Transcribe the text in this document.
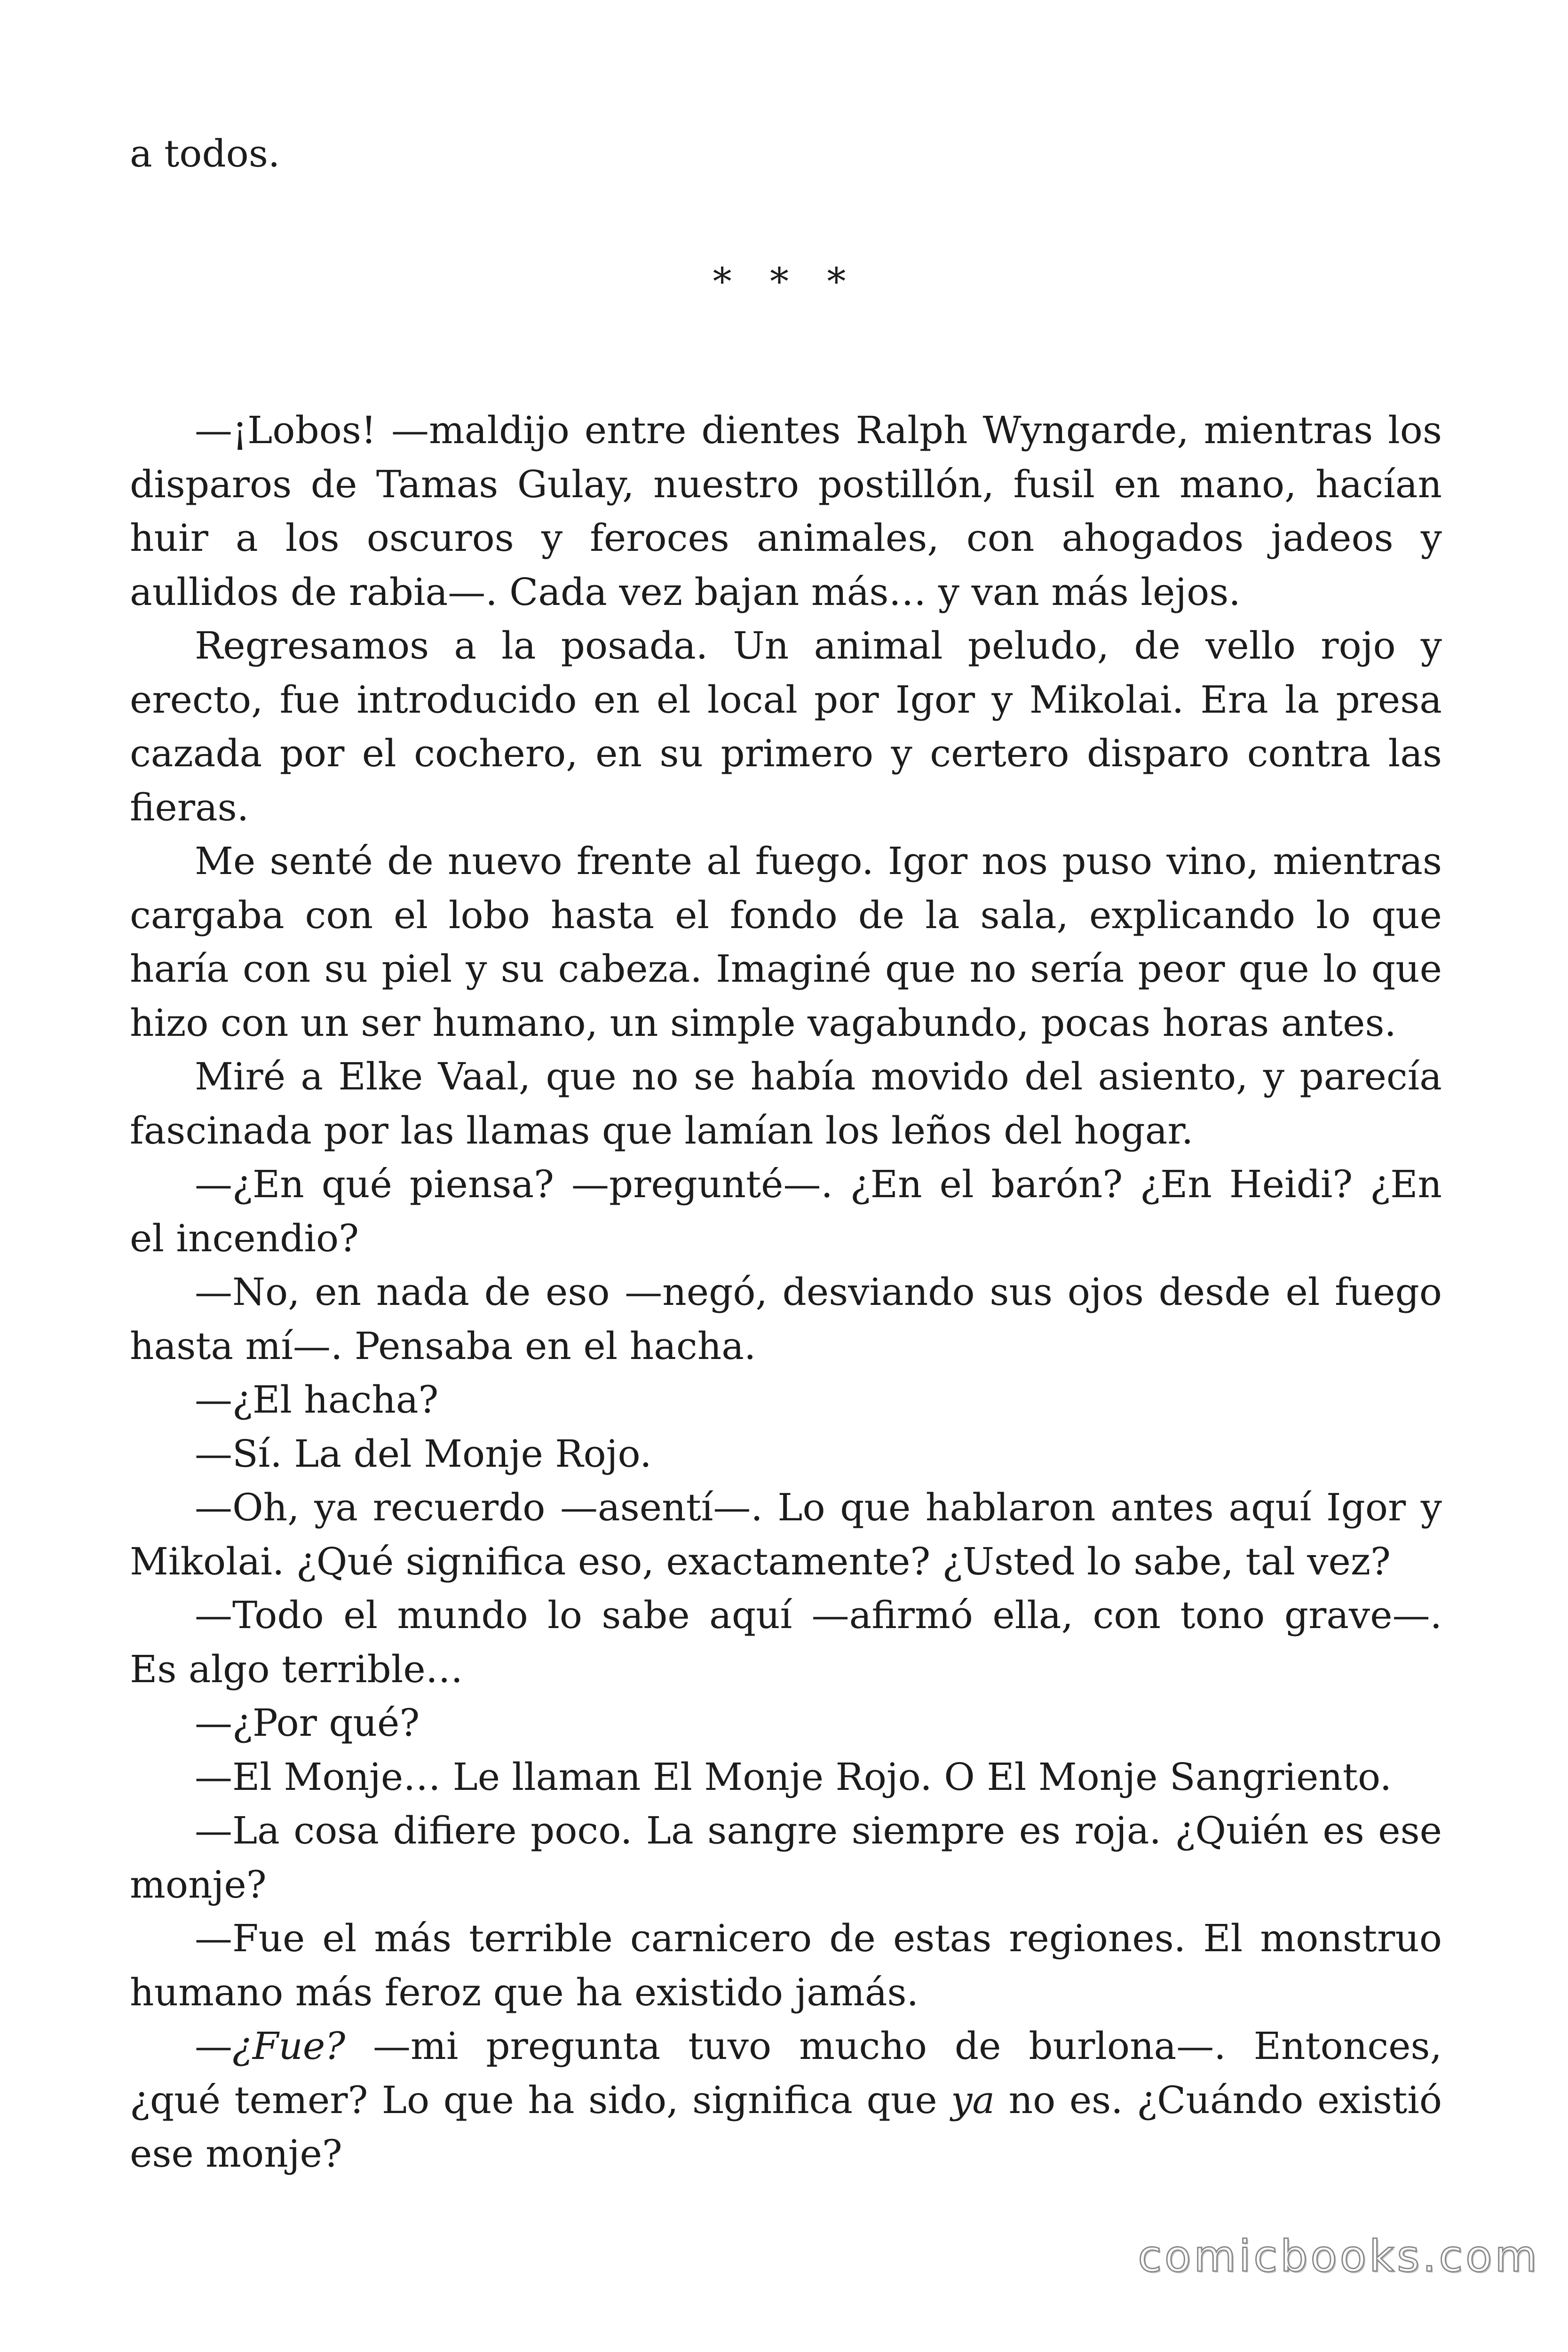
a todos.

* * *

—¡Lobos! —maldijo entre dientes Ralph Wyngarde, mientras los

disparos de Tamas Gulay, nuestro postillón, fusil en mano, hacían

huir a los oscuros y feroces animales, con ahogados jadeos y

aullidos de rabia—. Cada vez bajan más… y van más lejos.

Regresamos a la posada. Un animal peludo, de vello rojo y

erecto, fue introducido en el local por Igor y Mikolai. Era la presa

cazada por el cochero, en su primero y certero disparo contra las

fieras.

Me senté de nuevo frente al fuego. Igor nos puso vino, mientras

cargaba con el lobo hasta el fondo de la sala, explicando lo que

haría con su piel y su cabeza. Imaginé que no sería peor que lo que

hizo con un ser humano, un simple vagabundo, pocas horas antes.

Miré a Elke Vaal, que no se había movido del asiento, y parecía

fascinada por las llamas que lamían los leños del hogar.

—¿En qué piensa? —pregunté—. ¿En el barón? ¿En Heidi? ¿En

el incendio?

—No, en nada de eso —negó, desviando sus ojos desde el fuego

hasta mí—. Pensaba en el hacha.

—¿El hacha?

—Sí. La del Monje Rojo.

—Oh, ya recuerdo —asentí—. Lo que hablaron antes aquí Igor y

Mikolai. ¿Qué significa eso, exactamente? ¿Usted lo sabe, tal vez?

—Todo el mundo lo sabe aquí —afirmó ella, con tono grave—.

Es algo terrible…

—¿Por qué?

—El Monje… Le llaman El Monje Rojo. O El Monje Sangriento.

—La cosa difiere poco. La sangre siempre es roja. ¿Quién es ese

monje?

—Fue el más terrible carnicero de estas regiones. El monstruo

humano más feroz que ha existido jamás.

—¿Fue? —mi pregunta tuvo mucho de burlona—. Entonces,

¿qué temer? Lo que ha sido, significa que ya no es. ¿Cuándo existió

ese monje?

comicbooks.com
